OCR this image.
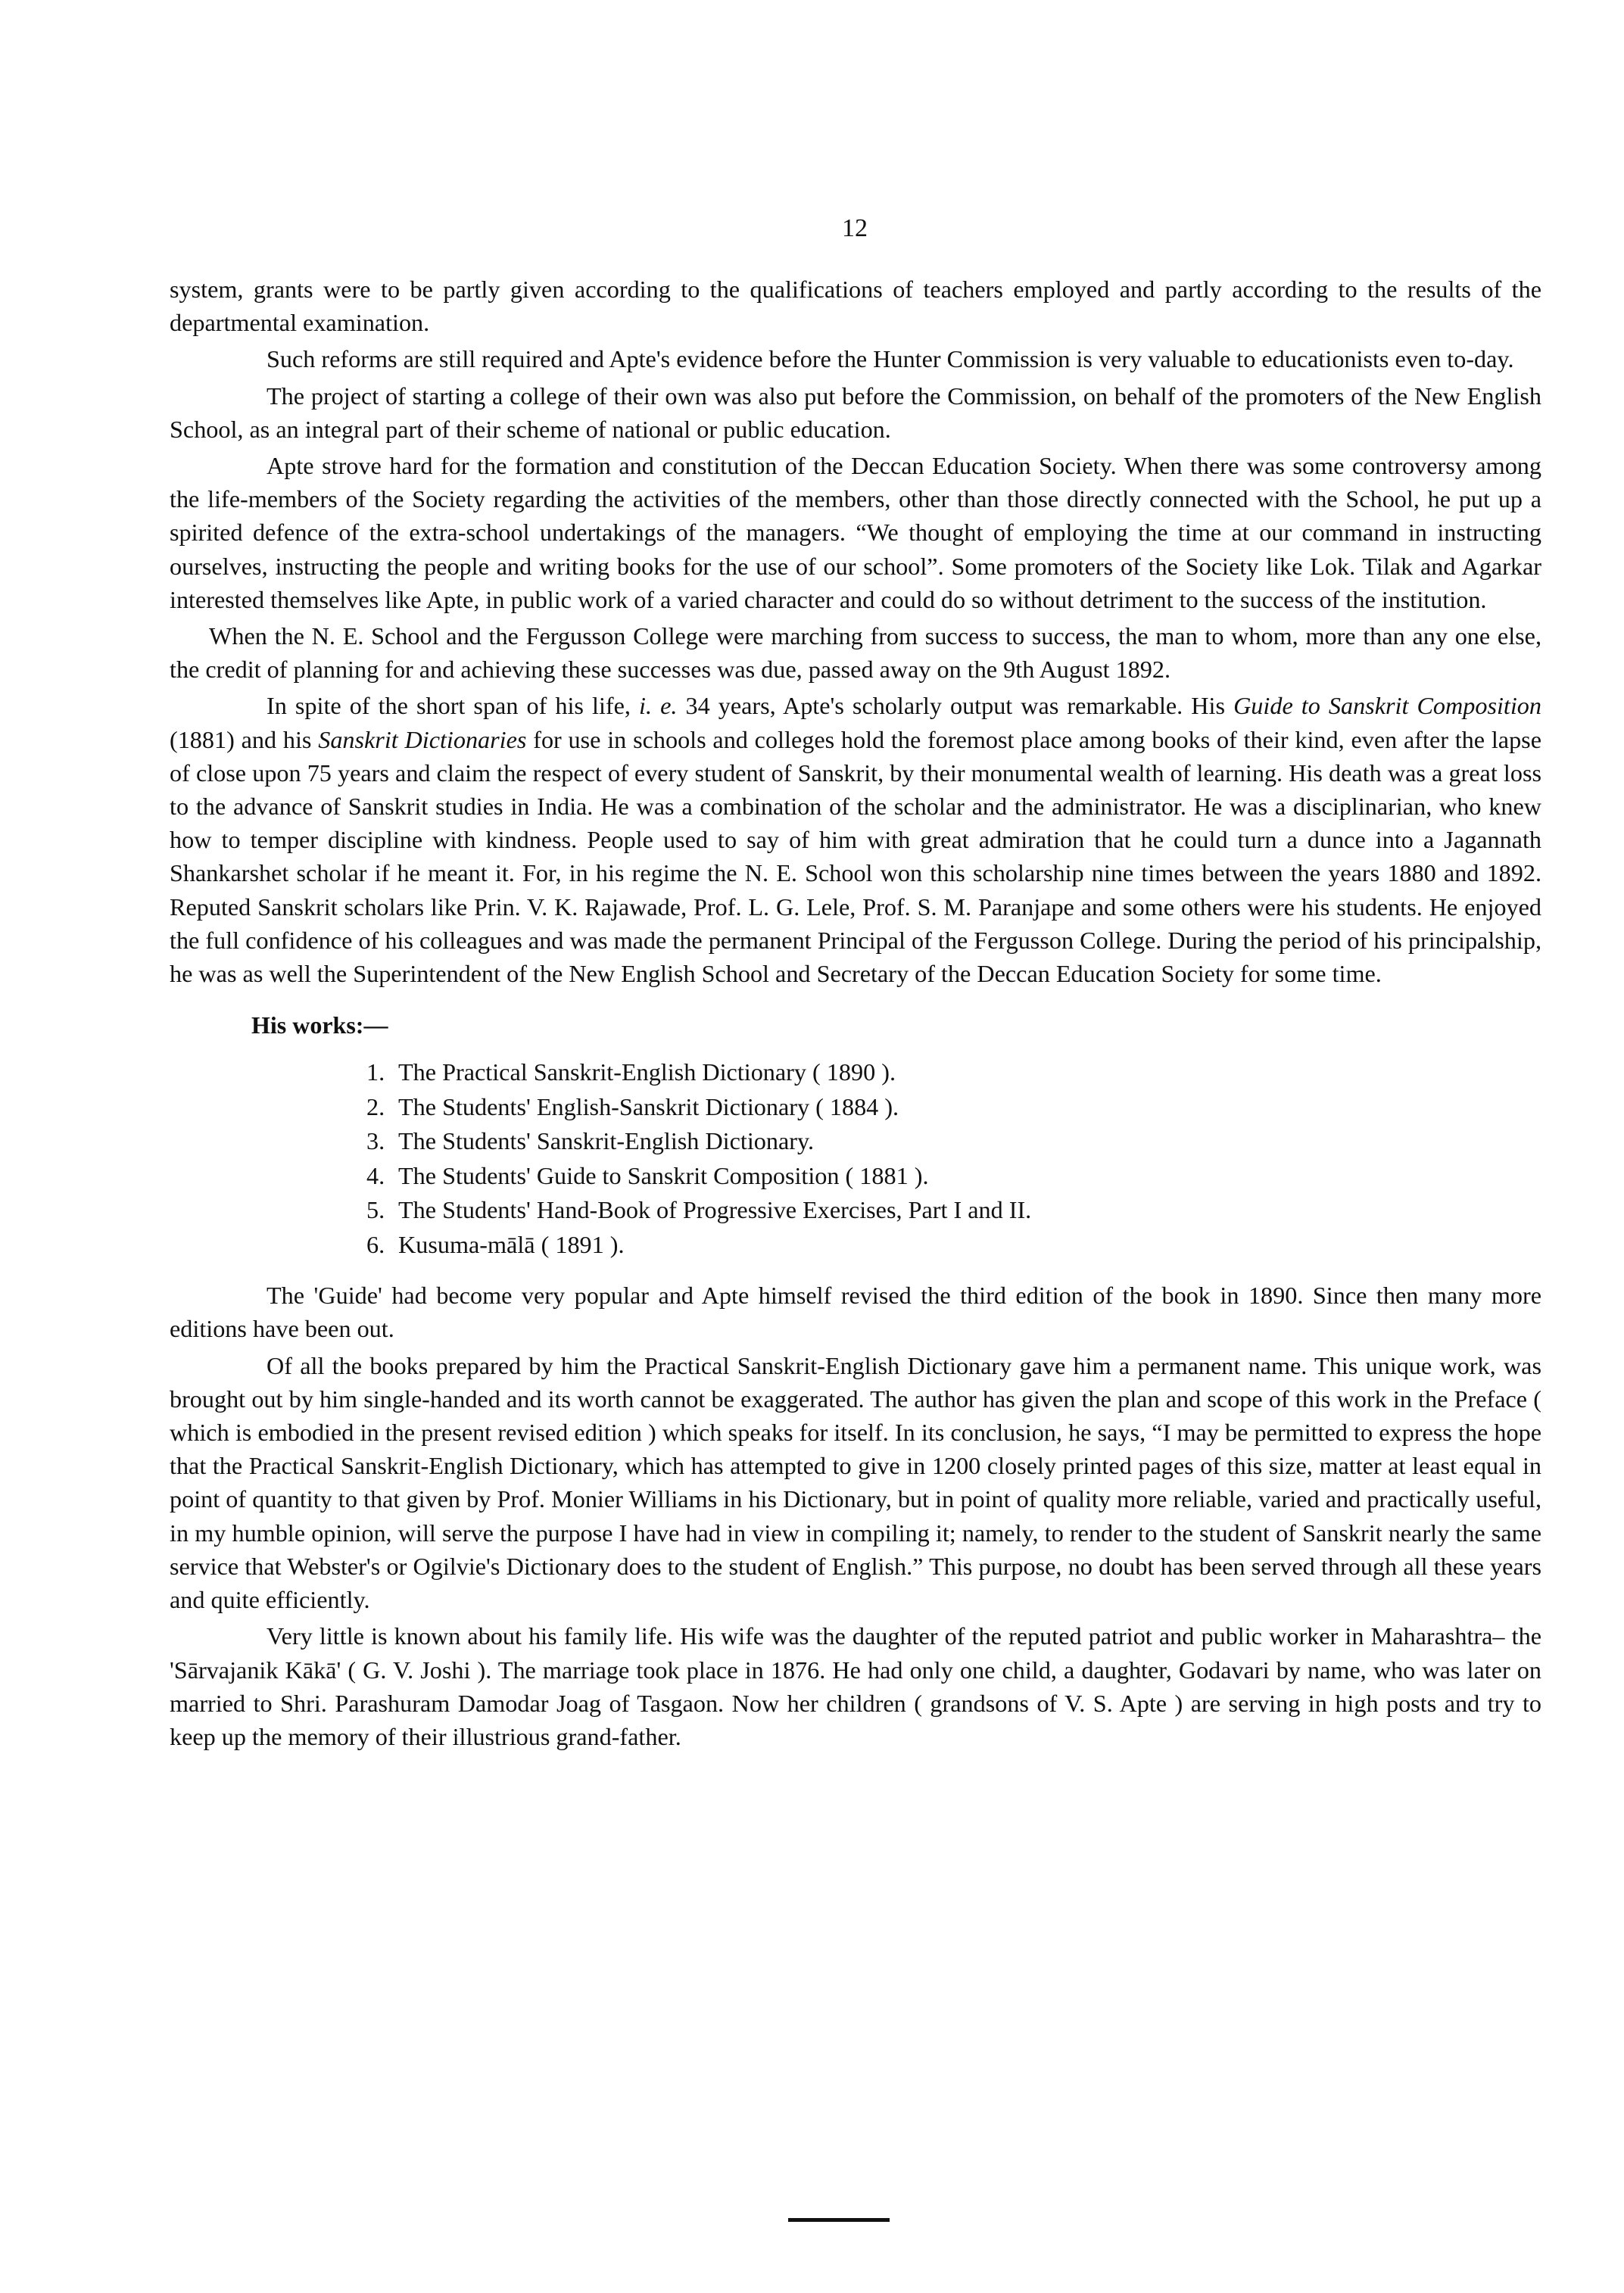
12

system, grants were to be partly given according to the qualifications of teachers employed and partly according to the results of the departmental examination.

Such reforms are still required and Apte's evidence before the Hunter Commission is very valuable to educationists even to-day.

The project of starting a college of their own was also put before the Commission, on behalf of the promoters of the New English School, as an integral part of their scheme of national or public education.

Apte strove hard for the formation and constitution of the Deccan Education Society. When there was some controversy among the life-members of the Society regarding the activities of the members, other than those directly connected with the School, he put up a spirited defence of the extra-school undertakings of the managers. “We thought of employing the time at our command in instructing ourselves, instructing the people and writing books for the use of our school”. Some promoters of the Society like Lok. Tilak and Agarkar interested themselves like Apte, in public work of a varied character and could do so without detriment to the success of the institution.

When the N. E. School and the Fergusson College were marching from success to success, the man to whom, more than any one else, the credit of planning for and achieving these successes was due, passed away on the 9th August 1892.

In spite of the short span of his life, i. e. 34 years, Apte's scholarly output was remarkable. His Guide to Sanskrit Composition (1881) and his Sanskrit Dictionaries for use in schools and colleges hold the foremost place among books of their kind, even after the lapse of close upon 75 years and claim the respect of every student of Sanskrit, by their monumental wealth of learning. His death was a great loss to the advance of Sanskrit studies in India. He was a combination of the scholar and the administrator. He was a disciplinarian, who knew how to temper discipline with kindness. People used to say of him with great admiration that he could turn a dunce into a Jagannath Shankarshet scholar if he meant it. For, in his regime the N. E. School won this scholarship nine times between the years 1880 and 1892. Reputed Sanskrit scholars like Prin. V. K. Rajawade, Prof. L. G. Lele, Prof. S. M. Paranjape and some others were his students. He enjoyed the full confidence of his colleagues and was made the permanent Principal of the Fergusson College. During the period of his principalship, he was as well the Superintendent of the New English School and Secretary of the Deccan Education Society for some time.

His works:—
1. The Practical Sanskrit-English Dictionary ( 1890 ).
2. The Students' English-Sanskrit Dictionary ( 1884 ).
3. The Students' Sanskrit-English Dictionary.
4. The Students' Guide to Sanskrit Composition ( 1881 ).
5. The Students' Hand-Book of Progressive Exercises, Part I and II.
6. Kusuma-mālā ( 1891 ).

The 'Guide' had become very popular and Apte himself revised the third edition of the book in 1890. Since then many more editions have been out.

Of all the books prepared by him the Practical Sanskrit-English Dictionary gave him a permanent name. This unique work, was brought out by him single-handed and its worth cannot be exaggerated. The author has given the plan and scope of this work in the Preface ( which is embodied in the present revised edition ) which speaks for itself. In its conclusion, he says, “I may be permitted to express the hope that the Practical Sanskrit-English Dictionary, which has attempted to give in 1200 closely printed pages of this size, matter at least equal in point of quantity to that given by Prof. Monier Williams in his Dictionary, but in point of quality more reliable, varied and practically useful, in my humble opinion, will serve the purpose I have had in view in compiling it; namely, to render to the student of Sanskrit nearly the same service that Webster's or Ogilvie's Dictionary does to the student of English.” This purpose, no doubt has been served through all these years and quite efficiently.

Very little is known about his family life. His wife was the daughter of the reputed patriot and public worker in Maharashtra– the 'Sārvajanik Kākā' ( G. V. Joshi ). The marriage took place in 1876. He had only one child, a daughter, Godavari by name, who was later on married to Shri. Parashuram Damodar Joag of Tasgaon. Now her children ( grandsons of V. S. Apte ) are serving in high posts and try to keep up the memory of their illustrious grand-father.
